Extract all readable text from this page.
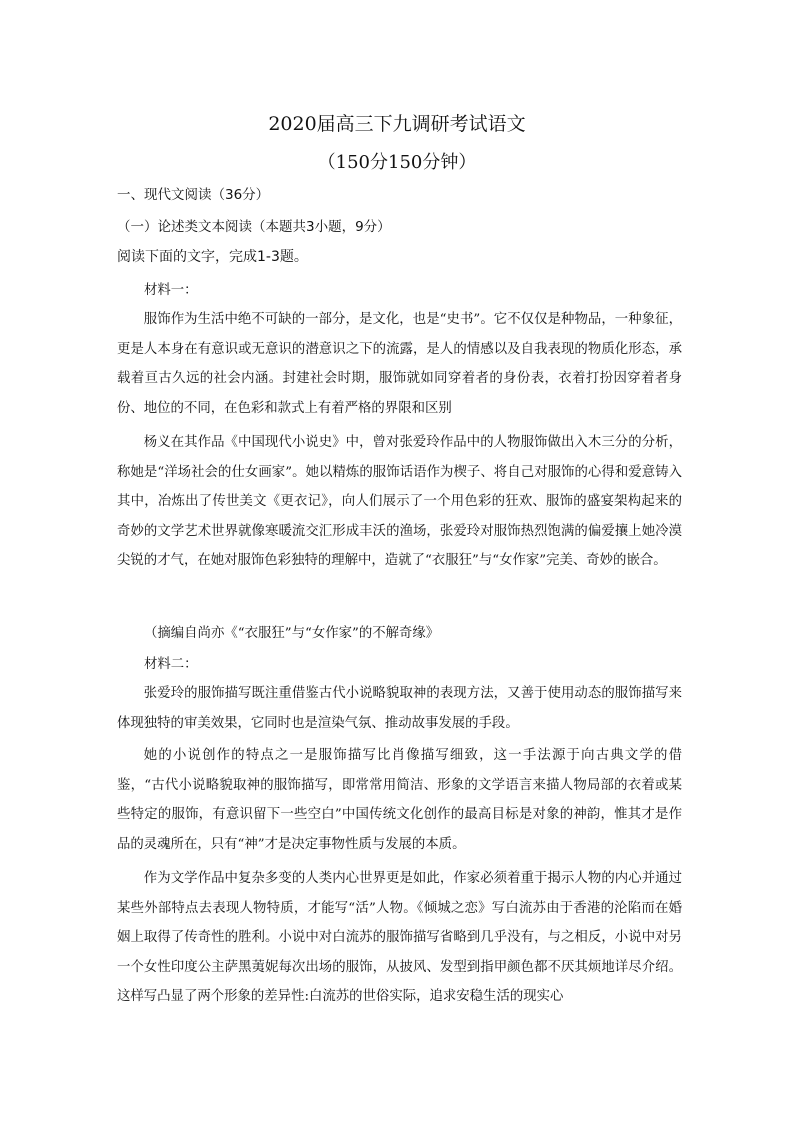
2020届高三下九调研考试语文
（150分150分钟）
一、现代文阅读（36分）
（一）论述类文本阅读（本题共3小题，9分）
阅读下面的文字，完成1-3题。
材料一：

服饰作为生活中绝不可缺的一部分，是文化，也是“史书”。它不仅仅是种物品，一种象征，更是人本身在有意识或无意识的潜意识之下的流露，是人的情感以及自我表现的物质化形态，承载着亘古久远的社会内涵。封建社会时期，服饰就如同穿着者的身份表，衣着打扮因穿着者身份、地位的不同，在色彩和款式上有着严格的界限和区别

杨义在其作品《中国现代小说史》中，曾对张爱玲作品中的人物服饰做出入木三分的分析，称她是“洋场社会的仕女画家”。她以精炼的服饰话语作为楔子、将自己对服饰的心得和爱意铸入其中，冶炼出了传世美文《更衣记》，向人们展示了一个用色彩的狂欢、服饰的盛宴架构起来的奇妙的文学艺术世界就像寒暖流交汇形成丰沃的渔场，张爱玲对服饰热烈饱满的偏爱攘上她冷漠尖锐的才气，在她对服饰色彩独特的理解中，造就了“衣服狂”与“女作家”完美、奇妙的嵌合。

（摘编自尚亦《“衣服狂”与“女作家”的不解奇缘》
材料二：

张爱玲的服饰描写既注重借鉴古代小说略貌取神的表现方法，又善于使用动态的服饰描写来体现独特的审美效果，它同时也是渲染气氛、推动故事发展的手段。

她的小说创作的特点之一是服饰描写比肖像描写细致，这一手法源于向古典文学的借鉴，“古代小说略貌取神的服饰描写，即常常用简洁、形象的文学语言来描人物局部的衣着或某些特定的服饰，有意识留下一些空白”中国传统文化创作的最高目标是对象的神韵，惟其才是作品的灵魂所在，只有“神”才是决定事物性质与发展的本质。

作为文学作品中复杂多变的人类内心世界更是如此，作家必须着重于揭示人物的内心并通过某些外部特点去表现人物特质，才能写“活”人物。《倾城之恋》写白流苏由于香港的沦陷而在婚姻上取得了传奇性的胜利。小说中对白流苏的服饰描写省略到几乎没有，与之相反，小说中对另一个女性印度公主萨黑荑妮每次出场的服饰，从披风、发型到指甲颜色都不厌其烦地详尽介绍。这样写凸显了两个形象的差异性:白流苏的世俗实际，追求安稳生活的现实心
